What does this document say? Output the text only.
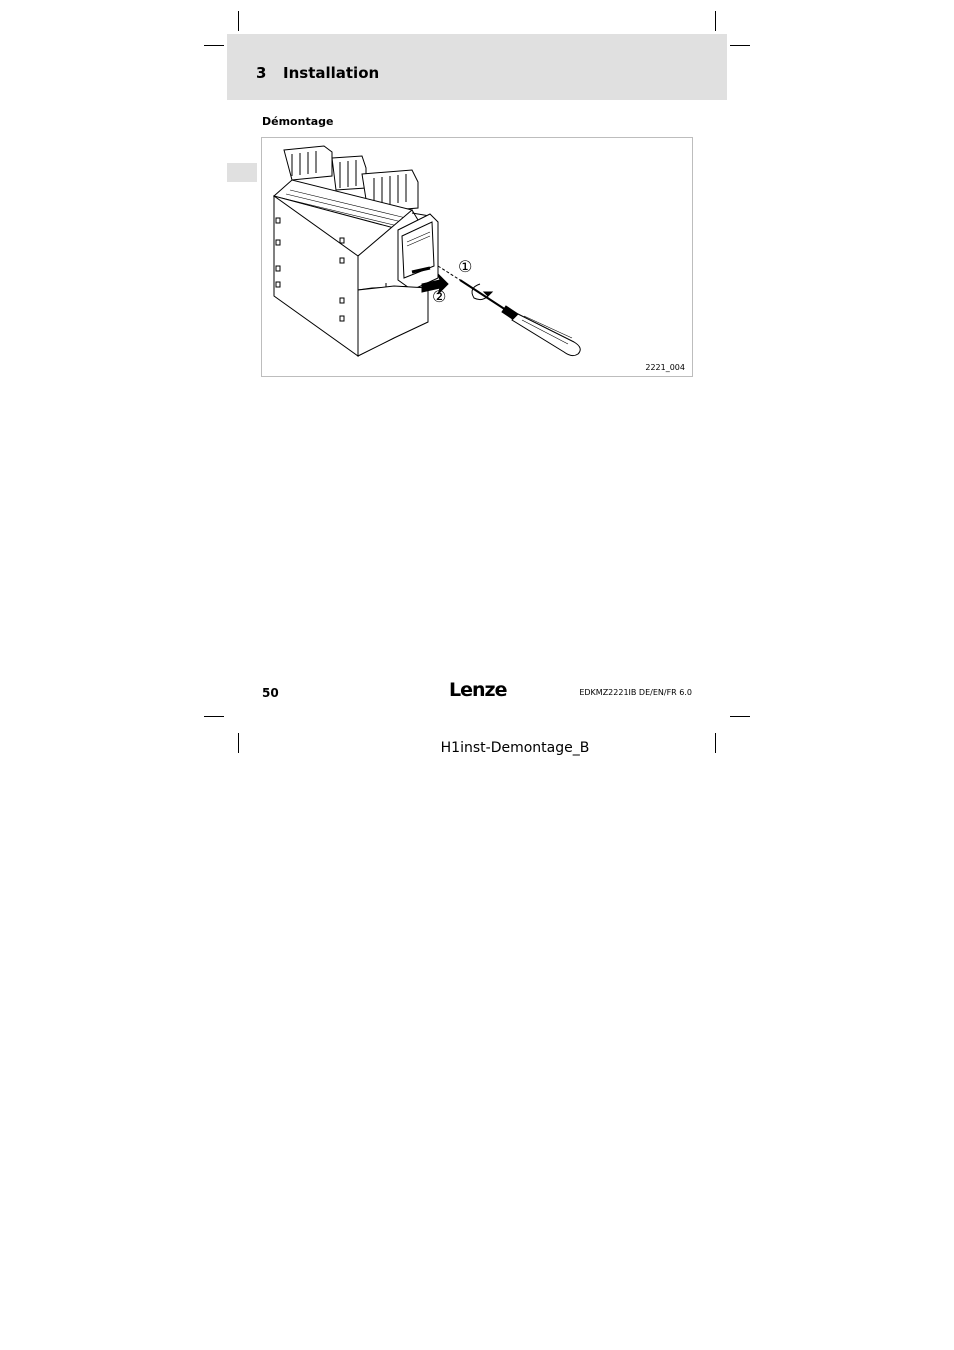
3 Installation
Démontage
①
②
2221_004
50	Lenze	EDKMZ2221IB DE/EN/FR 6.0
H1inst-Demontage_B
